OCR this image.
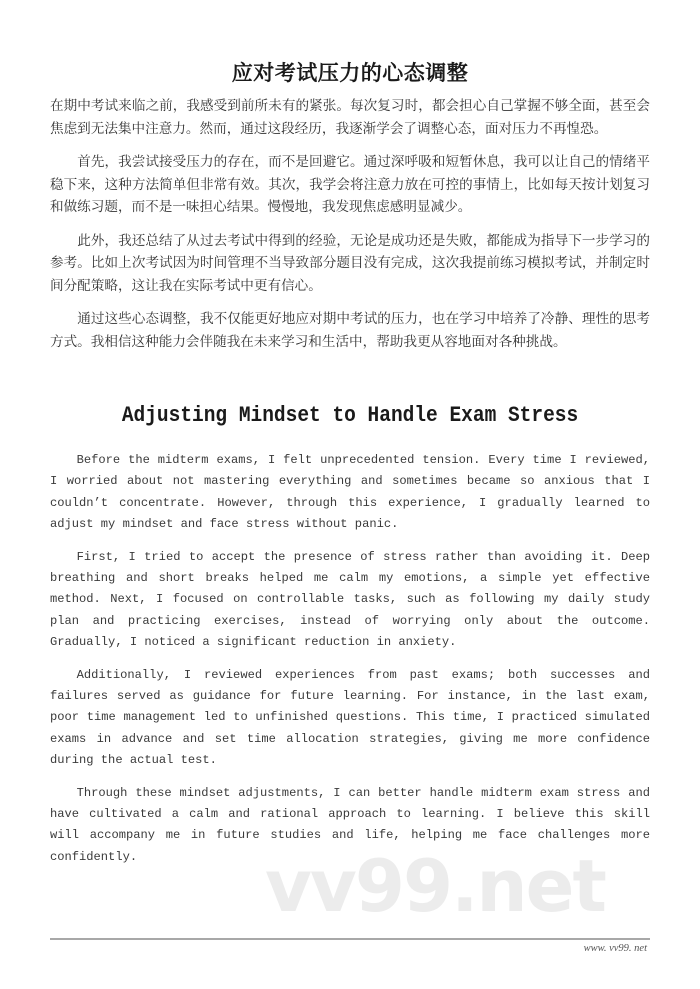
应对考试压力的心态调整

在期中考试来临之前，我感受到前所未有的紧张。每次复习时，都会担心自己掌握不够全面，甚至会焦虑到无法集中注意力。然而，通过这段经历，我逐渐学会了调整心态，面对压力不再惶恐。

首先，我尝试接受压力的存在，而不是回避它。通过深呼吸和短暂休息，我可以让自己的情绪平稳下来，这种方法简单但非常有效。其次，我学会将注意力放在可控的事情上，比如每天按计划复习和做练习题，而不是一味担心结果。慢慢地，我发现焦虑感明显减少。

此外，我还总结了从过去考试中得到的经验，无论是成功还是失败，都能成为指导下一步学习的参考。比如上次考试因为时间管理不当导致部分题目没有完成，这次我提前练习模拟考试，并制定时间分配策略，这让我在实际考试中更有信心。

通过这些心态调整，我不仅能更好地应对期中考试的压力，也在学习中培养了冷静、理性的思考方式。我相信这种能力会伴随我在未来学习和生活中，帮助我更从容地面对各种挑战。

Adjusting Mindset to Handle Exam Stress

Before the midterm exams, I felt unprecedented tension. Every time I reviewed, I worried about not mastering everything and sometimes became so anxious that I couldn’t concentrate. However, through this experience, I gradually learned to adjust my mindset and face stress without panic.

First, I tried to accept the presence of stress rather than avoiding it. Deep breathing and short breaks helped me calm my emotions, a simple yet effective method. Next, I focused on controllable tasks, such as following my daily study plan and practicing exercises, instead of worrying only about the outcome. Gradually, I noticed a significant reduction in anxiety.

Additionally, I reviewed experiences from past exams; both successes and failures served as guidance for future learning. For instance, in the last exam, poor time management led to unfinished questions. This time, I practiced simulated exams in advance and set time allocation strategies, giving me more confidence during the actual test.

Through these mindset adjustments, I can better handle midterm exam stress and have cultivated a calm and rational approach to learning. I believe this skill will accompany me in future studies and life, helping me face challenges more confidently.	vv99.net
www. vv99. net
